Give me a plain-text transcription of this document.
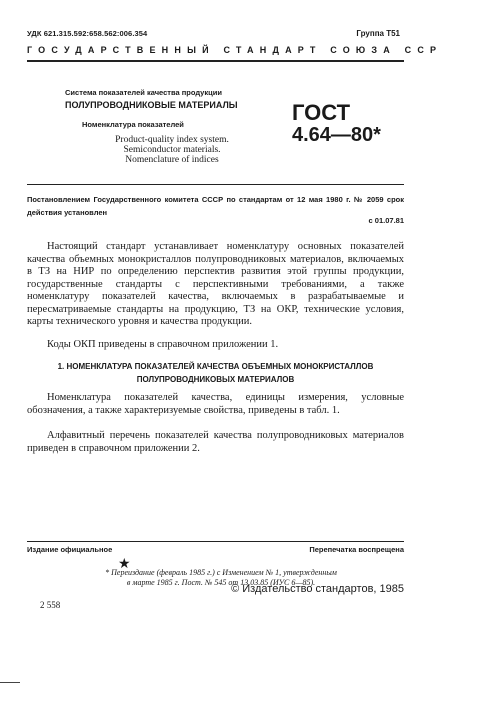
УДК 621.315.592:658.562:006.354	Группа Т51
ГОСУДАРСТВЕННЫЙ СТАНДАРТ СОЮЗА ССР
Система показателей качества продукции
ПОЛУПРОВОДНИКОВЫЕ МАТЕРИАЛЫ
Номенклатура показателей
Product-quality index system.
Semiconductor materials.
Nomenclature of indices
ГОСТ
4.64—80*
Постановлением Государственного комитета СССР по стандартам от 12 мая 1980 г. № 2059 срок действия установлен
с 01.07.81
Настоящий стандарт устанавливает номенклатуру основных показателей качества объемных монокристаллов полупроводниковых материалов, включаемых в ТЗ на НИР по определению перспектив развития этой группы продукции, государственные стандарты с перспективными требованиями, а также номенклатуру показателей качества, включаемых в разрабатываемые и пересматриваемые стандарты на продукцию, ТЗ на ОКР, технические условия, карты технического уровня и качества продукции.
Коды ОКП приведены в справочном приложении 1.
1. НОМЕНКЛАТУРА ПОКАЗАТЕЛЕЙ КАЧЕСТВА ОБЪЕМНЫХ МОНОКРИСТАЛЛОВ
ПОЛУПРОВОДНИКОВЫХ МАТЕРИАЛОВ
Номенклатура показателей качества, единицы измерения, условные обозначения, а также характеризуемые свойства, приведены в табл. 1.
Алфавитный перечень показателей качества полупроводниковых материалов приведен в справочном приложении 2.
Издание официальное	Перепечатка воспрещена
★
* Переиздание (февраль 1985 г.) с Изменением № 1, утвержденным
в марте 1985 г. Пост. № 545 от 13.03.85 (ИУС 6—85).
© Издательство стандартов, 1985
2 558
